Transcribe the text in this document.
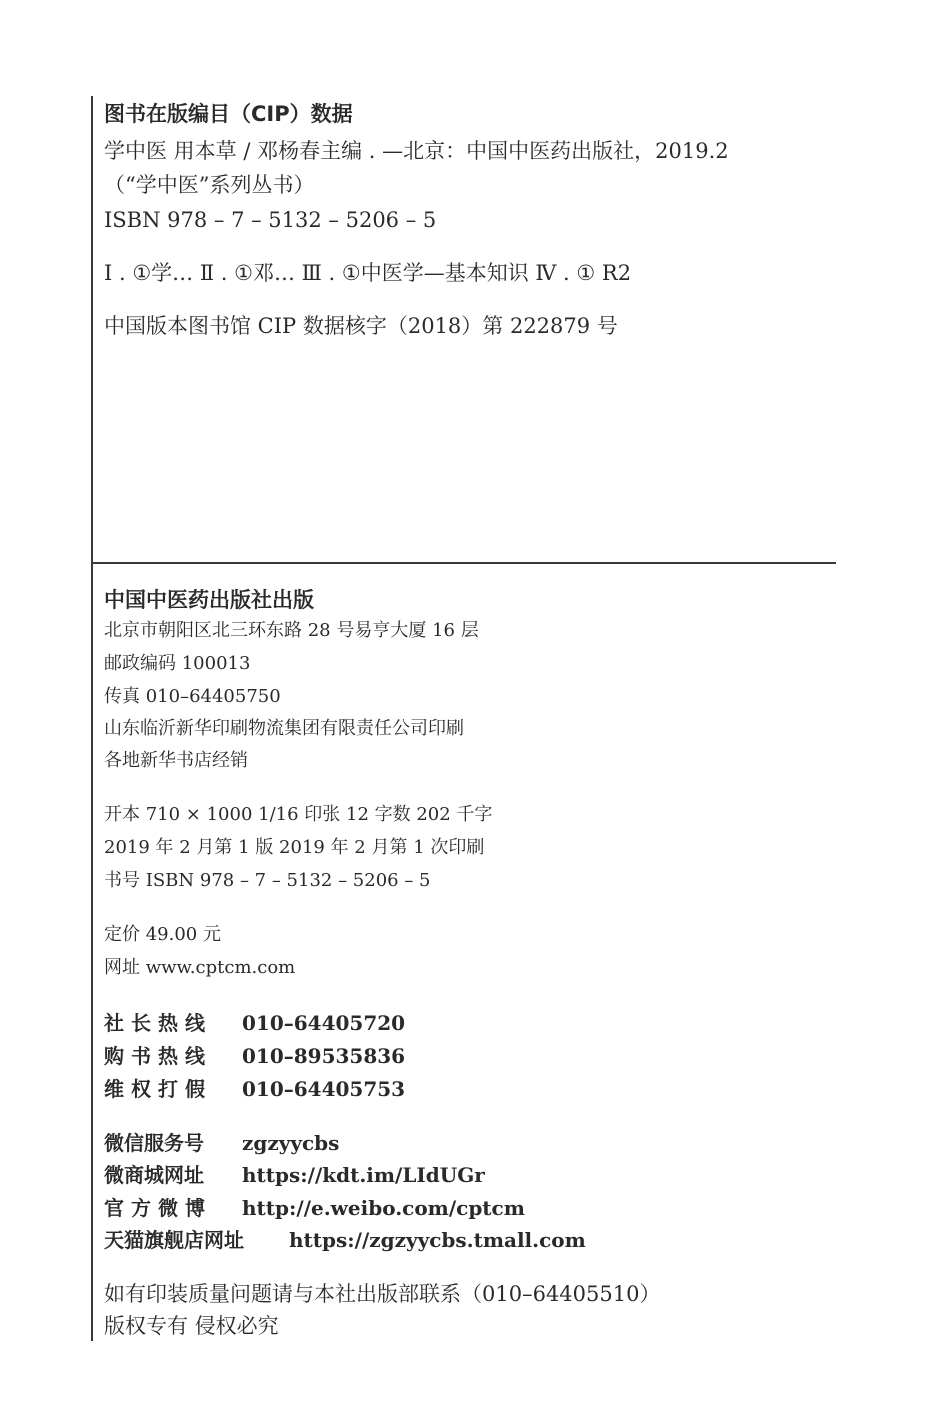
图书在版编目（CIP）数据
学中医 用本草 / 邓杨春主编 . —北京：中国中医药出版社，2019.2
（“学中医”系列丛书）
ISBN 978 – 7 – 5132 – 5206 – 5
Ⅰ . ①学… Ⅱ . ①邓… Ⅲ . ①中医学—基本知识 Ⅳ . ① R2
中国版本图书馆 CIP 数据核字（2018）第 222879 号
中国中医药出版社出版
北京市朝阳区北三环东路 28 号易亨大厦 16 层
邮政编码 100013
传真 010–64405750
山东临沂新华印刷物流集团有限责任公司印刷
各地新华书店经销
开本 710 × 1000 1/16 印张 12 字数 202 千字
2019 年 2 月第 1 版 2019 年 2 月第 1 次印刷
书号 ISBN 978 – 7 – 5132 – 5206 – 5
定价 49.00 元
网址 www.cptcm.com
社长热线 010–64405720
购书热线 010–89535836
维权打假 010–64405753
微信服务号 zgzyycbs
微商城网址 https://kdt.im/LIdUGr
官方微博 http://e.weibo.com/cptcm
天猫旗舰店网址 https://zgzyycbs.tmall.com
如有印装质量问题请与本社出版部联系（010–64405510）
版权专有 侵权必究
